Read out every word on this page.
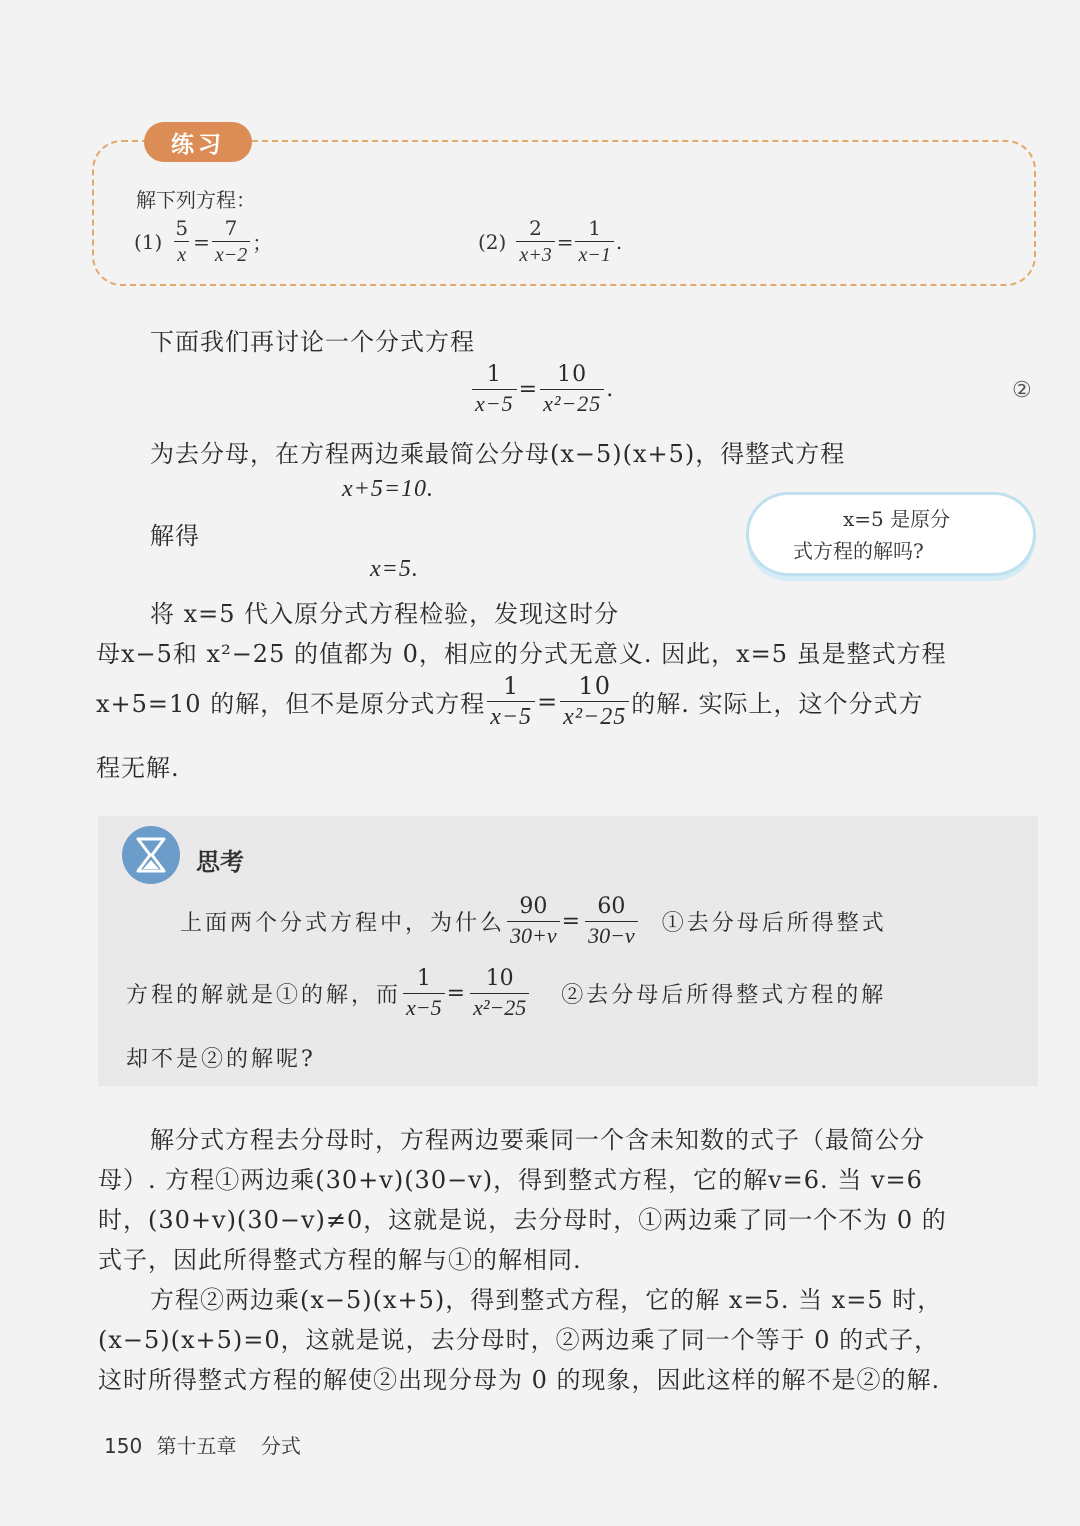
练习
解下列方程：
$(1) \frac{5}{x} = \frac{7}{x-2}$ ；	$(2) \frac{2}{x+3} = \frac{1}{x-1}$ .
下面我们再讨论一个分式方程
$\frac{1}{x-5} = \frac{10}{\text{x²−25}}$ .	②
为去分母，在方程两边乘最简公分母(x−5)(x+5)，得整式方程
x+5=10.
解得
x=5.
将 x=5 代入原分式方程检验，发现这时分
母x−5和 x²−25 的值都为 0，相应的分式无意义. 因此，x=5 虽是整式方程
x+5=10 的解，但不是原分式方程 $\frac{1}{x-5} = \frac{10}{\text{x²−25}}$ 的解. 实际上，这个分式方
程无解.
x=5 是原分
式方程的解吗?
思考
上面两个分式方程中，为什么 $\frac{90}{30+v} = \frac{60}{30-v}$ ①去分母后所得整式
方程的解就是①的解，而 $\frac{1}{x-5} = \frac{10}{\text{x²−25}}$ ②去分母后所得整式方程的解
却不是②的解呢?
解分式方程去分母时，方程两边要乘同一个含未知数的式子（最简公分
母）. 方程①两边乘(30+v)(30−v)，得到整式方程，它的解v=6. 当 v=6
时，(30+v)(30−v)≠0，这就是说，去分母时，①两边乘了同一个不为 0 的
式子，因此所得整式方程的解与①的解相同.
方程②两边乘(x−5)(x+5)，得到整式方程，它的解 x=5. 当 x=5 时，
(x−5)(x+5)=0，这就是说，去分母时，②两边乘了同一个等于 0 的式子，
这时所得整式方程的解使②出现分母为 0 的现象，因此这样的解不是②的解.
150 第十五章 分式
